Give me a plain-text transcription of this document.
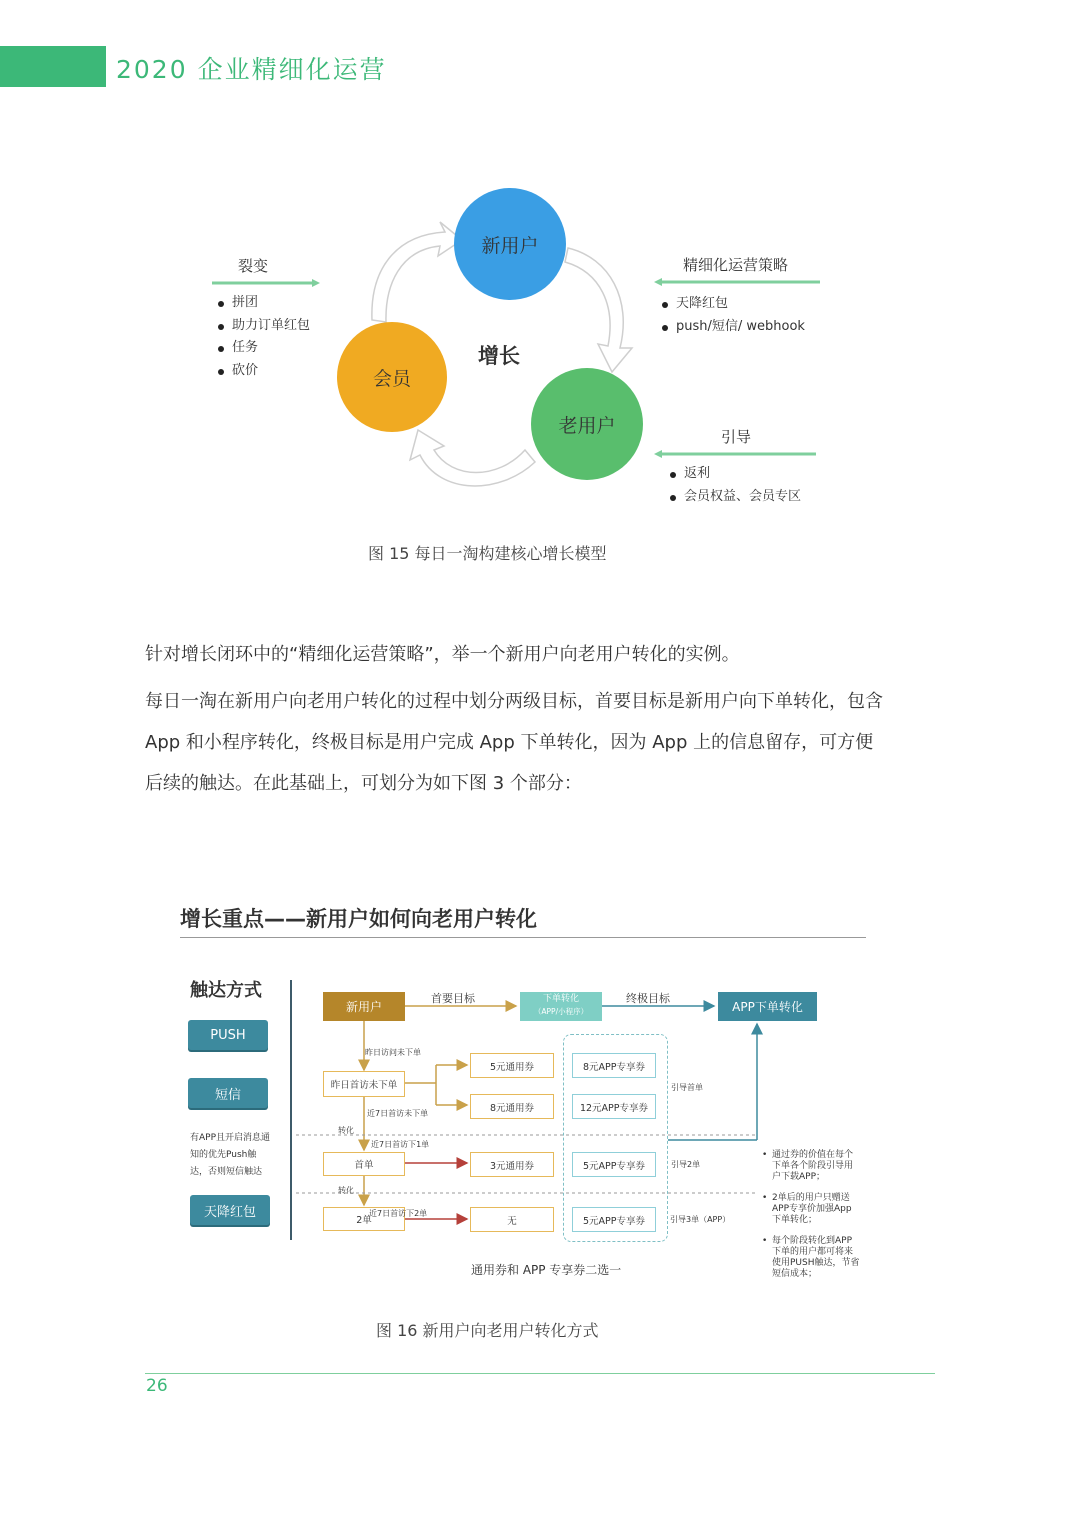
2020 企业精细化运营
新用户
会员
老用户
增长
裂变
拼团
助力订单红包
任务
砍价
精细化运营策略
天降红包
push/短信/ webhook
引导
返利
会员权益、会员专区
图 15 每日一淘构建核心增长模型
针对增长闭环中的“精细化运营策略”，举一个新用户向老用户转化的实例。
每日一淘在新用户向老用户转化的过程中划分两级目标，首要目标是新用户向下单转化，包含 App 和小程序转化，终极目标是用户完成 App 下单转化，因为 App 上的信息留存，可方便后续的触达。在此基础上，可划分为如下图 3 个部分：
增长重点——新用户如何向老用户转化
触达方式
PUSH
短信
有APP且开启消息通知的优先Push触达，否则短信触达
天降红包
新用户
首要目标	下单转化
（APP/小程序）
终极目标
APP下单转化
昨日访问未下单
昨日首访未下单
5元通用券
8元通用券
近7日首访未下单
转化
近7日首访下1单
首单	3元通用券
转化
2单
近7日首访下2单
无
8元APP专享券
12元APP专享券
5元APP专享券
5元APP专享券
引导首单
引导2单
引导3单（APP）
通用券和 APP 专享券二选一
• 通过券的价值在每个下单各个阶段引导用户下载APP；
• 2单后的用户只赠送APP专享价加强App下单转化；
• 每个阶段转化到APP下单的用户都可将来使用PUSH触达，节省短信成本；
图 16 新用户向老用户转化方式
26
